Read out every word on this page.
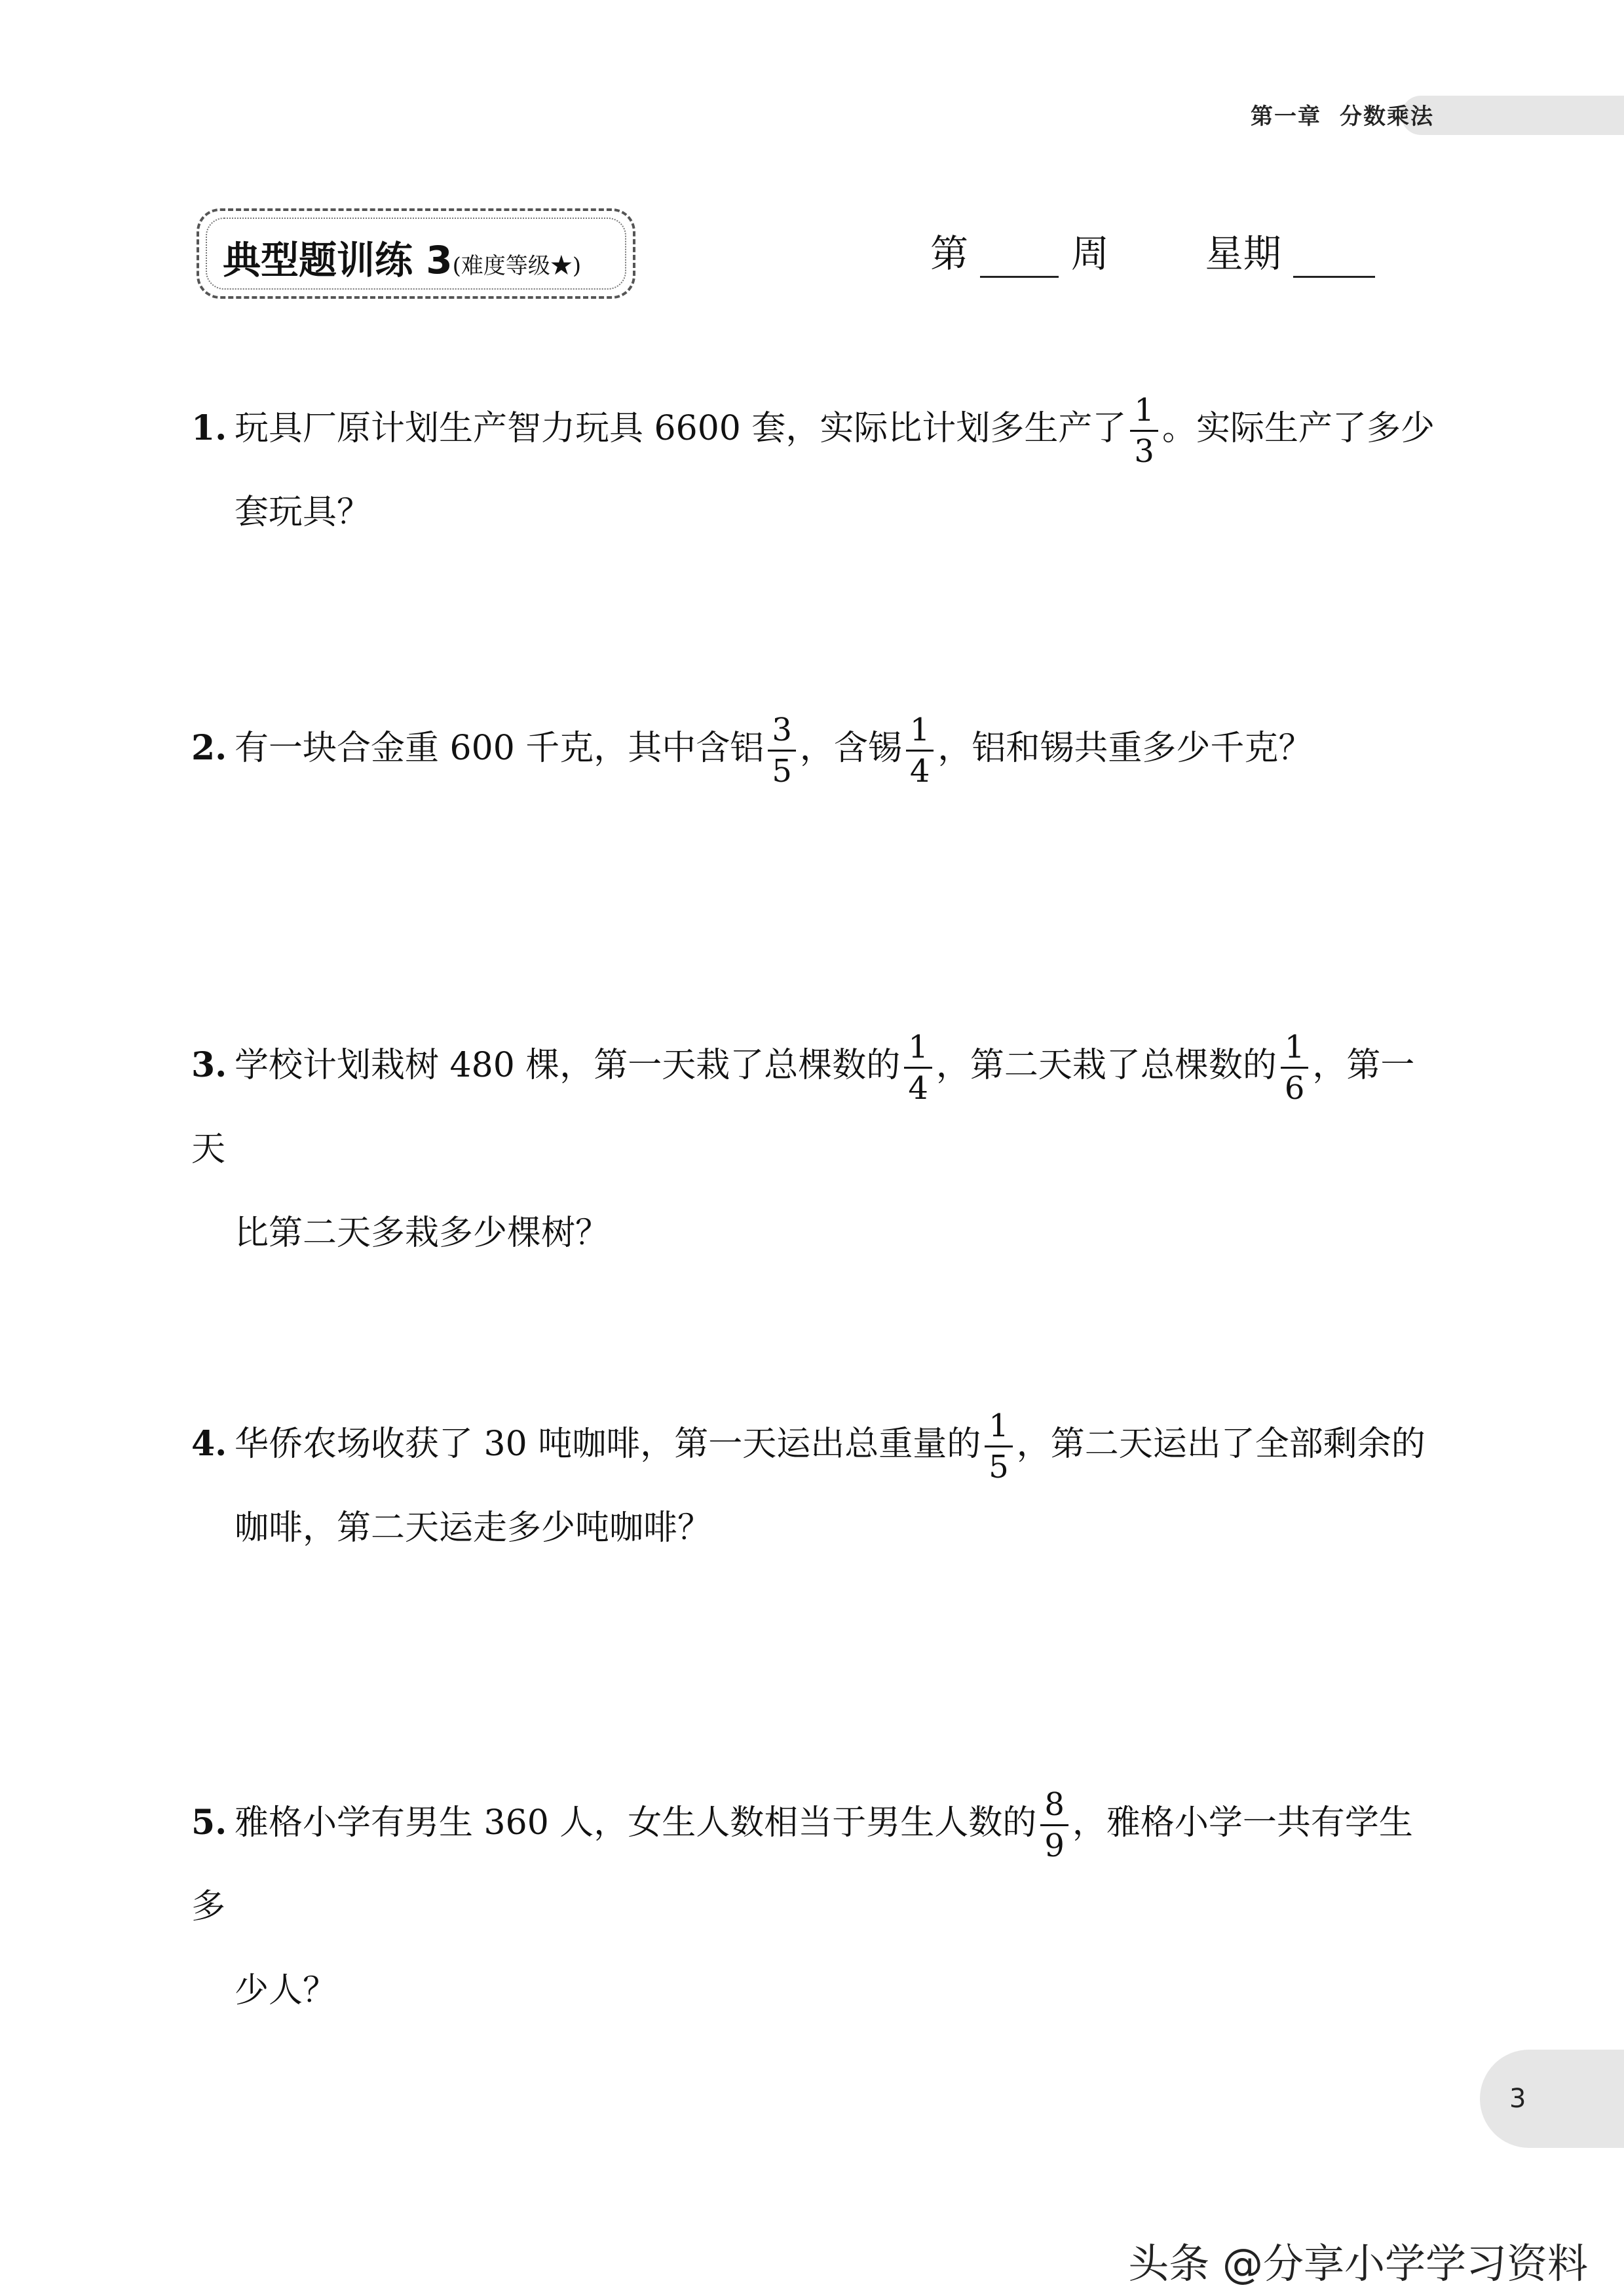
第一章 分数乘法
典型题训练 3(难度等级★)	第	周	星期
1. 玩具厂原计划生产智力玩具 6600 套，实际比计划多生产了 $\frac{1}{3}$ 。实际生产了多少
套玩具？
2. 有一块合金重 600 千克，其中含铝 $\frac{3}{5}$ ，含锡 $\frac{1}{4}$ ，铝和锡共重多少千克？
3. 学校计划栽树 480 棵，第一天栽了总棵数的 $\frac{1}{4}$ ，第二天栽了总棵数的 $\frac{1}{6}$ ，第一天
比第二天多栽多少棵树？
4. 华侨农场收获了 30 吨咖啡，第一天运出总重量的 $\frac{1}{5}$ ，第二天运出了全部剩余的
咖啡，第二天运走多少吨咖啡？
5. 雅格小学有男生 360 人，女生人数相当于男生人数的 $\frac{8}{9}$ ，雅格小学一共有学生多
少人？
3
头条 @分享小学学习资料
